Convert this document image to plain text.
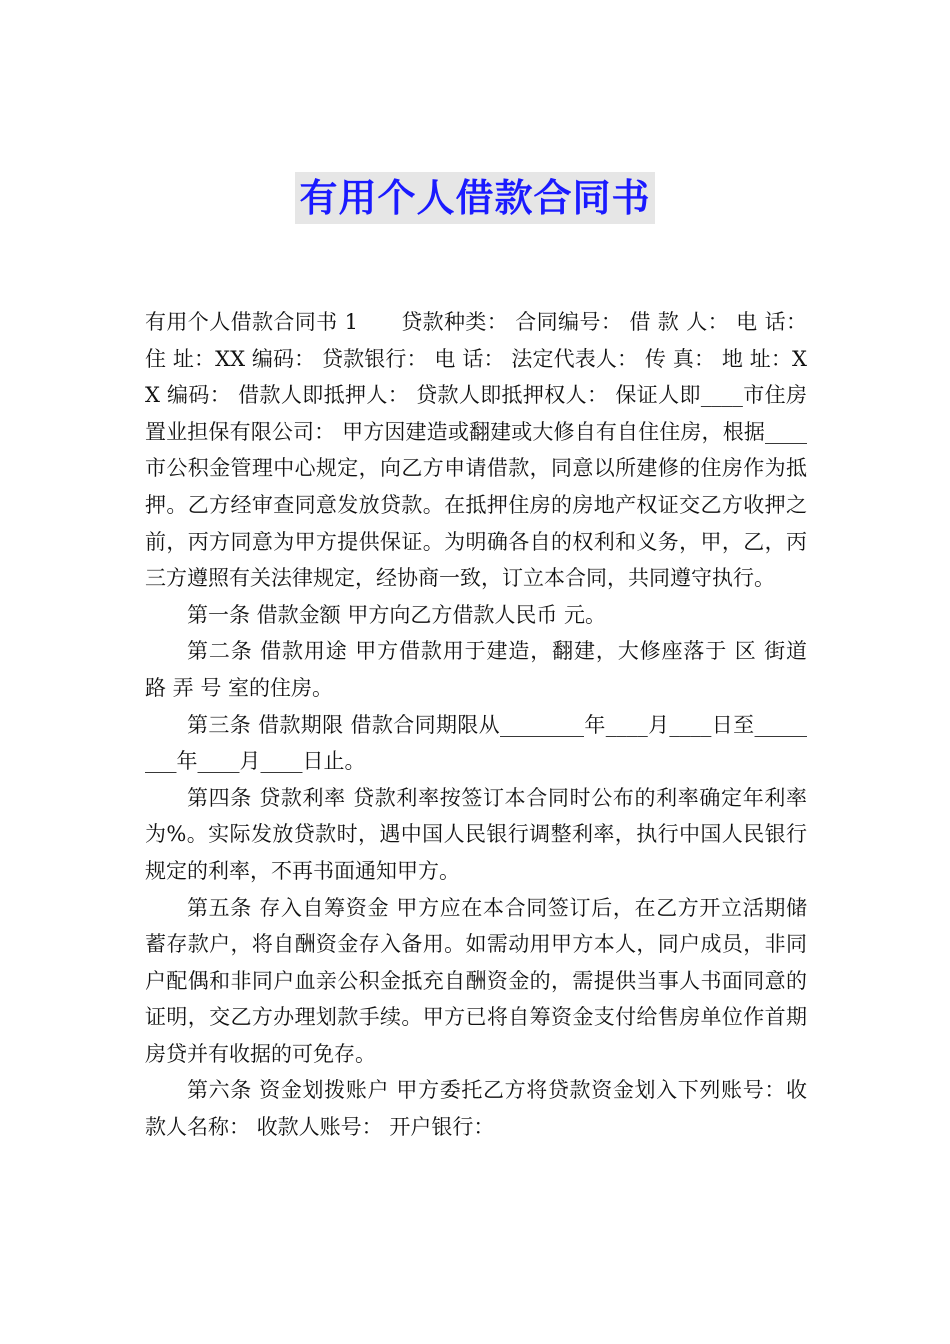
有用个人借款合同书

有用个人借款合同书 1　　贷款种类： 合同编号： 借 款 人： 电 话： 住 址：XX 编码： 贷款银行： 电 话： 法定代表人： 传 真： 地 址：XX 编码： 借款人即抵押人： 贷款人即抵押权人： 保证人即____市住房置业担保有限公司： 甲方因建造或翻建或大修自有自住住房，根据____市公积金管理中心规定，向乙方申请借款，同意以所建修的住房作为抵押。乙方经审查同意发放贷款。在抵押住房的房地产权证交乙方收押之前，丙方同意为甲方提供保证。为明确各自的权利和义务，甲，乙，丙三方遵照有关法律规定，经协商一致，订立本合同，共同遵守执行。

第一条 借款金额 甲方向乙方借款人民币 元。

第二条 借款用途 甲方借款用于建造，翻建，大修座落于 区 街道 路 弄 号 室的住房。

第三条 借款期限 借款合同期限从________年____月____日至________年____月____日止。

第四条 贷款利率 贷款利率按签订本合同时公布的利率确定年利率为%。实际发放贷款时，遇中国人民银行调整利率，执行中国人民银行规定的利率，不再书面通知甲方。

第五条 存入自筹资金 甲方应在本合同签订后，在乙方开立活期储蓄存款户，将自酬资金存入备用。如需动用甲方本人，同户成员，非同户配偶和非同户血亲公积金抵充自酬资金的，需提供当事人书面同意的证明，交乙方办理划款手续。甲方已将自筹资金支付给售房单位作首期房贷并有收据的可免存。

第六条 资金划拨账户 甲方委托乙方将贷款资金划入下列账号：收款人名称： 收款人账号： 开户银行：
